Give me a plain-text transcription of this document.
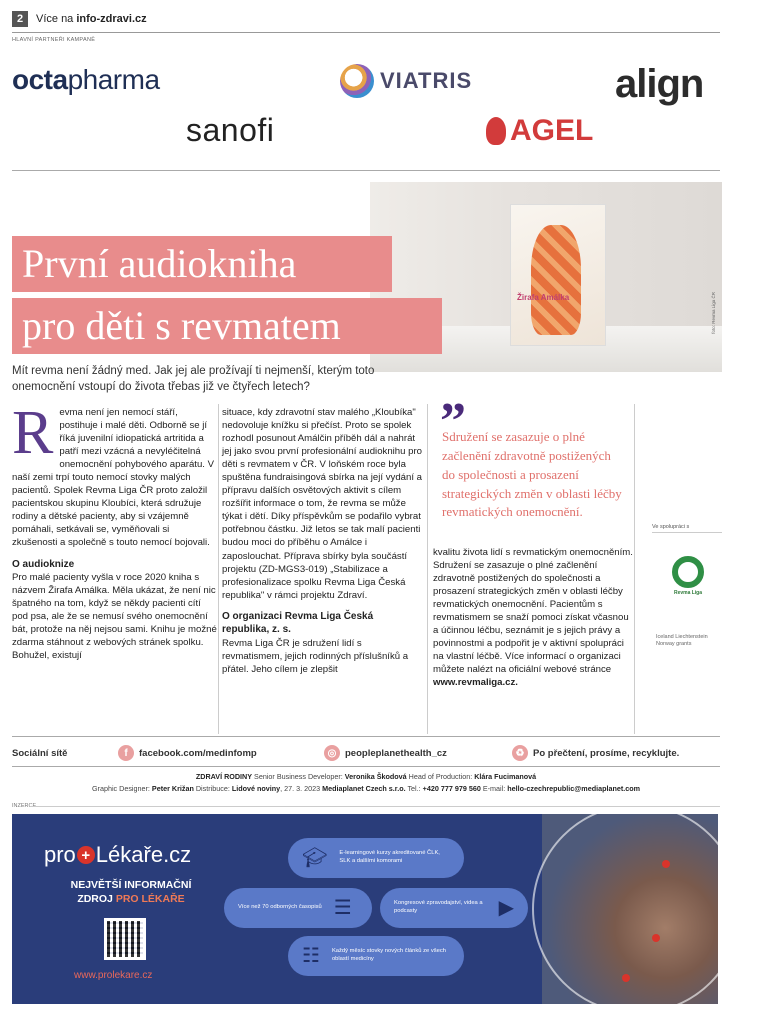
2	Více na info-zdravi.cz
HLAVNÍ PARTNEŘI KAMPANĚ
octapharma	VIATRIS	align
sanofi	AGEL
Žirafa Amálka	foto: Revma Liga ČR
První audiokniha
pro děti s revmatem
Mít revma není žádný med. Jak jej ale prožívají ti nejmenší, kterým toto onemocnění vstoupí do života třebas již ve čtyřech letech?
R evma není jen nemocí stáří, postihuje i malé děti. Odborně se jí říká juvenilní idiopatická artritida a patří mezi vzácná a nevyléčitelná onemocnění pohybového aparátu. V naší zemi trpí touto nemocí stovky malých pacientů. Spolek Revma Liga ČR proto založil pacientskou skupinu Kloubíci, která sdružuje rodiny a dětské pacienty, aby si vzájemně pomáhali, setkávali se, vyměňovali si zkušenosti a společně s touto nemocí bojovali.

O audioknize

Pro malé pacienty vyšla v roce 2020 kniha s názvem Žirafa Amálka. Měla ukázat, že není nic špatného na tom, když se někdy pacienti cítí pod psa, ale že se nemusí svého onemocnění bát, protože na něj nejsou sami. Knihu je možné zdarma stáhnout z webových stránek spolku. Bohužel, existují

situace, kdy zdravotní stav malého „Kloubíka" nedovoluje knížku si přečíst. Proto se spolek rozhodl posunout Amálčin příběh dál a nahrát jej jako svou první profesionální audioknihu pro děti s revmatem v ČR. V loňském roce byla spuštěna fundraisingová sbírka na její vydání a přípravu dalších osvětových aktivit s cílem rozšířit informace o tom, že revma se může týkat i dětí. Díky příspěvkům se podařilo vybrat potřebnou částku. Již letos se tak malí pacienti budou moci do příběhu o Amálce i zaposlouchat. Příprava sbírky byla součástí projektu (ZD-MGS3-019) „Stabilizace a profesionalizace spolku Revma Liga Česká republika" v rámci projektu Zdraví.

O organizaci Revma Liga Česká republika, z. s.

Revma Liga ČR je sdružení lidí s revmatismem, jejich rodinných příslušníků a přátel. Jeho cílem je zlepšit

”
Sdružení se zasazuje o plné začlenění zdravotně postižených do společnosti a prosazení strategických změn v oblasti léčby revmatických onemocnění.
kvalitu života lidí s revmatickým onemocněním. Sdružení se zasazuje o plné začlenění zdravotně postižených do společnosti a prosazení strategických změn v oblasti léčby revmatických onemocnění. Pacientům s revmatismem se snaží pomoci získat včasnou a účinnou léčbu, seznámit je s jejich právy a povinnostmi a podpořit je v aktivní spolupráci na vlastní léčbě. Více informací o organizaci můžete nalézt na oficiální webové stránce www.revmaliga.cz.
Ve spolupráci s
Revma Liga
Iceland Liechtenstein Norway grants
Sociální sítě	f	facebook.com/medinfomp	◎ peopleplanethealth_cz	♻ Po přečtení, prosíme, recyklujte.
ZDRAVÍ RODINY Senior Business Developer: Veronika Škodová Head of Production: Klára Fucimanová
Graphic Designer: Peter Križan Distribuce: Lidové noviny, 27. 3. 2023 Mediaplanet Czech s.r.o. Tel.: +420 777 979 560 E-mail: hello-czechrepublic@mediaplanet.com
INZERCE
pro + Lékaře.cz
NEJVĚTŠÍ INFORMAČNÍ
ZDROJ PRO LÉKAŘE
www.prolekare.cz
🎓︎ E-learningové kurzy akreditované ČLK, SLK a dalšími komorami
Více než 70 odborných časopisů ☰	Kongresové zpravodajství, videa a podcasty	▶
☷ Každý měsíc stovky nových článků ze všech oblastí medicíny
